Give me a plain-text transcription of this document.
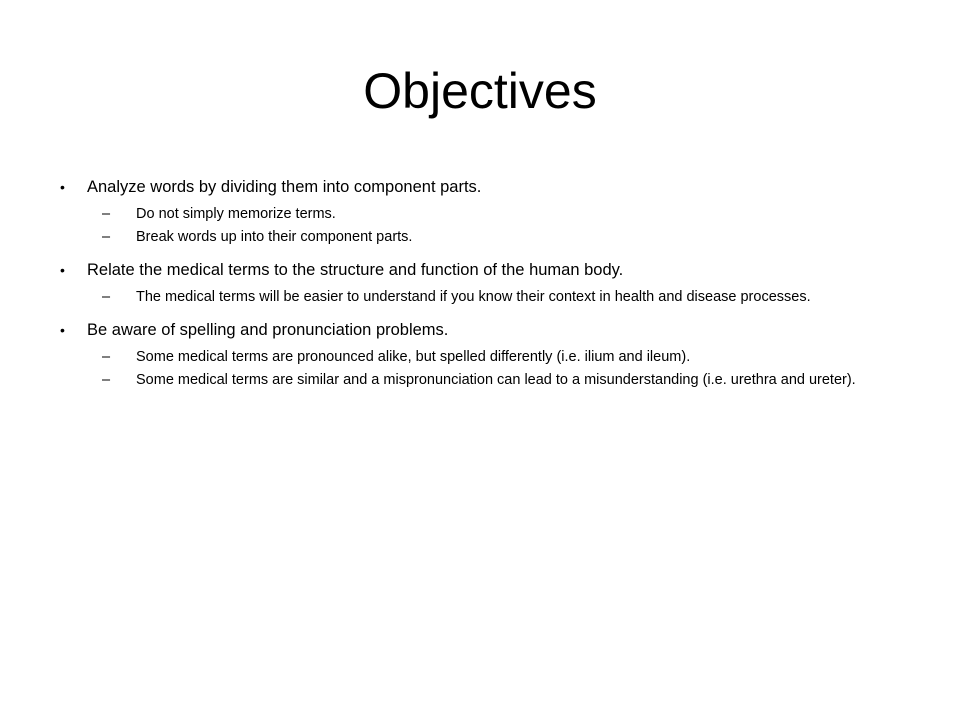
Objectives
•	Analyze words by dividing them into component parts.
–	Do not simply memorize terms.
–	Break words up into their component parts.
•	Relate the medical terms to the structure and function of the human body.
–	The medical terms will be easier to understand if you know their context in health and disease processes.
•	Be aware of spelling and pronunciation problems.
–	Some medical terms are pronounced alike, but spelled differently (i.e. ilium and ileum).
–	Some medical terms are similar and a mispronunciation can lead to a misunderstanding (i.e. urethra and ureter).
